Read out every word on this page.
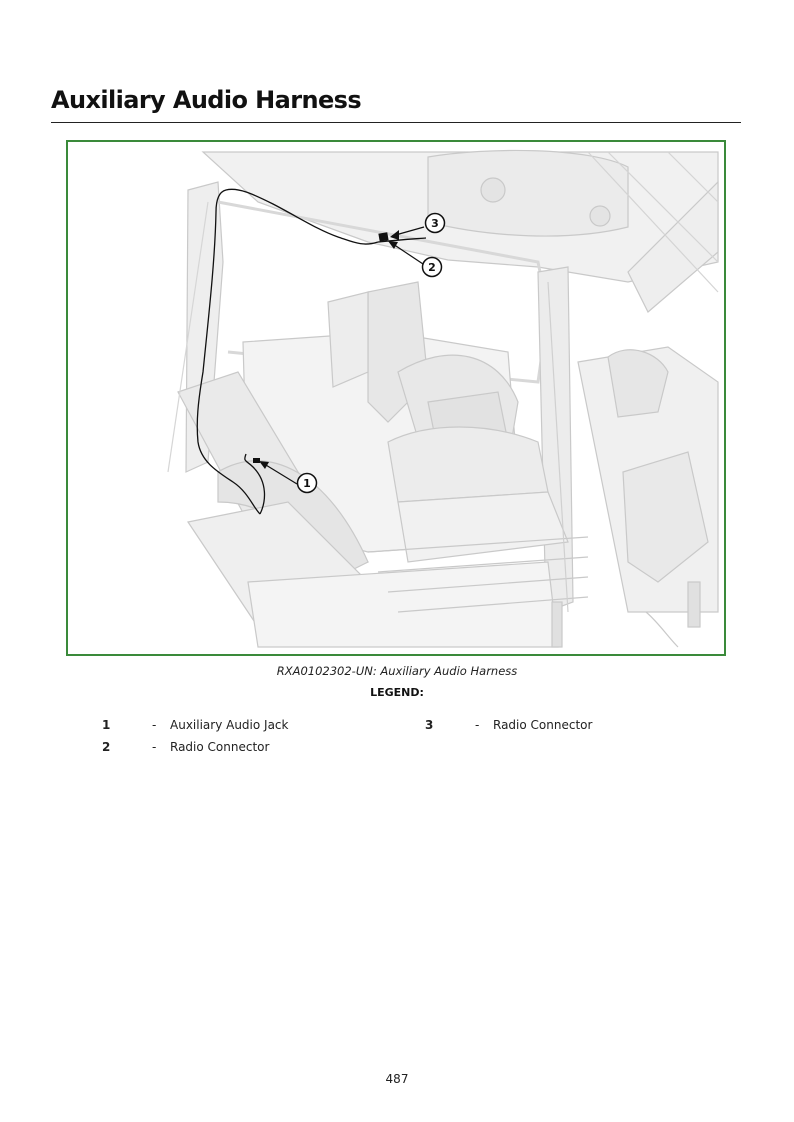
Auxiliary Audio Harness
3
2
1
RXA0102302-UN: Auxiliary Audio Harness
LEGEND:
1	- Auxiliary Audio Jack
2	- Radio Connector
3	- Radio Connector
487
